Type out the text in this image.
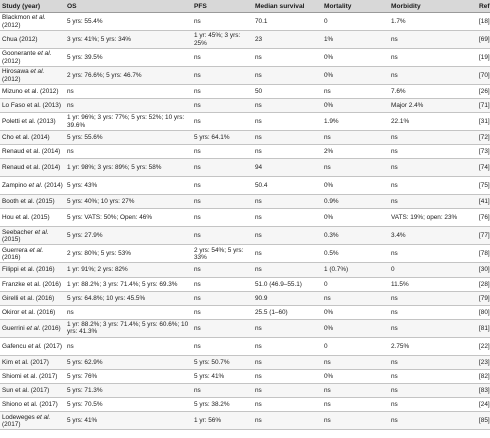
Study (year)	OS	PFS	Median survival	Mortality	Morbidity	Ref
Blackmon et al. (2012)	5 yrs: 55.4%	ns	70.1	0	1.7%	[18]
Chua (2012)	3 yrs: 41%; 5 yrs: 34%	1 yr: 45%; 3 yrs: 25%	23	1%	ns	[69]
Goonerante et al. (2012)	5 yrs: 39.5%	ns	ns	0%	ns	[19]
Hirosawa et al. (2012)	2 yrs: 76.6%; 5 yrs: 46.7%	ns	ns	0%	ns	[70]
Mizuno et al. (2012)	ns	ns	50	ns	7.6%	[26]
Lo Faso et al. (2013)	ns	ns	ns	0%	Major 2.4%	[71]
Poletti et al. (2013)	1 yr: 96%; 3 yrs: 77%; 5 yrs: 52%; 10 yrs: 39.6%	ns	ns	1.9%	22.1%	[31]
Cho et al. (2014)	5 yrs: 55.6%	5 yrs: 64.1%	ns	ns	ns	[72]
Renaud et al. (2014)	ns	ns	ns	2%	ns	[73]
Renaud et al. (2014)	1 yr: 98%; 3 yrs: 89%; 5 yrs: 58%	ns	94	ns	ns	[74]
Zampino et al. (2014)	5 yrs: 43%	ns	50.4	0%	ns	[75]
Booth et al. (2015)	5 yrs: 40%; 10 yrs: 27%	ns	ns	0.9%	ns	[41]
Hou et al. (2015)	5 yrs: VATS: 50%; Open: 46%	ns	ns	0%	VATS: 19%; open: 23%	[76]
Seebacher et al. (2015)	5 yrs: 27.9%	ns	ns	0.3%	3.4%	[77]
Guerrera et al. (2016)	2 yrs: 80%; 5 yrs: 53%	2 yrs: 54%; 5 yrs: 33%	ns	0.5%	ns	[78]
Filippi et al. (2016)	1 yr: 91%; 2 yrs: 82%	ns	ns	1 (0.7%)	0	[30]
Franzke et al. (2016)	1 yr: 88.2%; 3 yrs: 71.4%; 5 yrs: 69.3%	ns	51.0 (46.9–55.1)	0	11.5%	[28]
Girelli et al. (2016)	5 yrs: 64.8%; 10 yrs: 45.5%	ns	90.9	ns	ns	[79]
Okiror et al. (2016)	ns	ns	25.5 (1–60)	0%	ns	[80]
Guerrini et al. (2016)	1 yr: 88.2%; 3 yrs: 71.4%; 5 yrs: 60.6%; 10 yrs: 41.3%	ns	ns	0%	ns	[81]
Gafencu et al. (2017)	ns	ns	ns	0	2.75%	[22]
Kim et al. (2017)	5 yrs: 62.9%	5 yrs: 50.7%	ns	ns	ns	[23]
Shiomi et al. (2017)	5 yrs: 76%	5 yrs: 41%	ns	0%	ns	[82]
Sun et al. (2017)	5 yrs: 71.3%	ns	ns	ns	ns	[83]
Shiono et al. (2017)	5 yrs: 70.5%	5 yrs: 38.2%	ns	ns	ns	[24]
Lodeweges et al. (2017)	5 yrs: 41%	1 yr: 56%	ns	ns	ns	[85]
